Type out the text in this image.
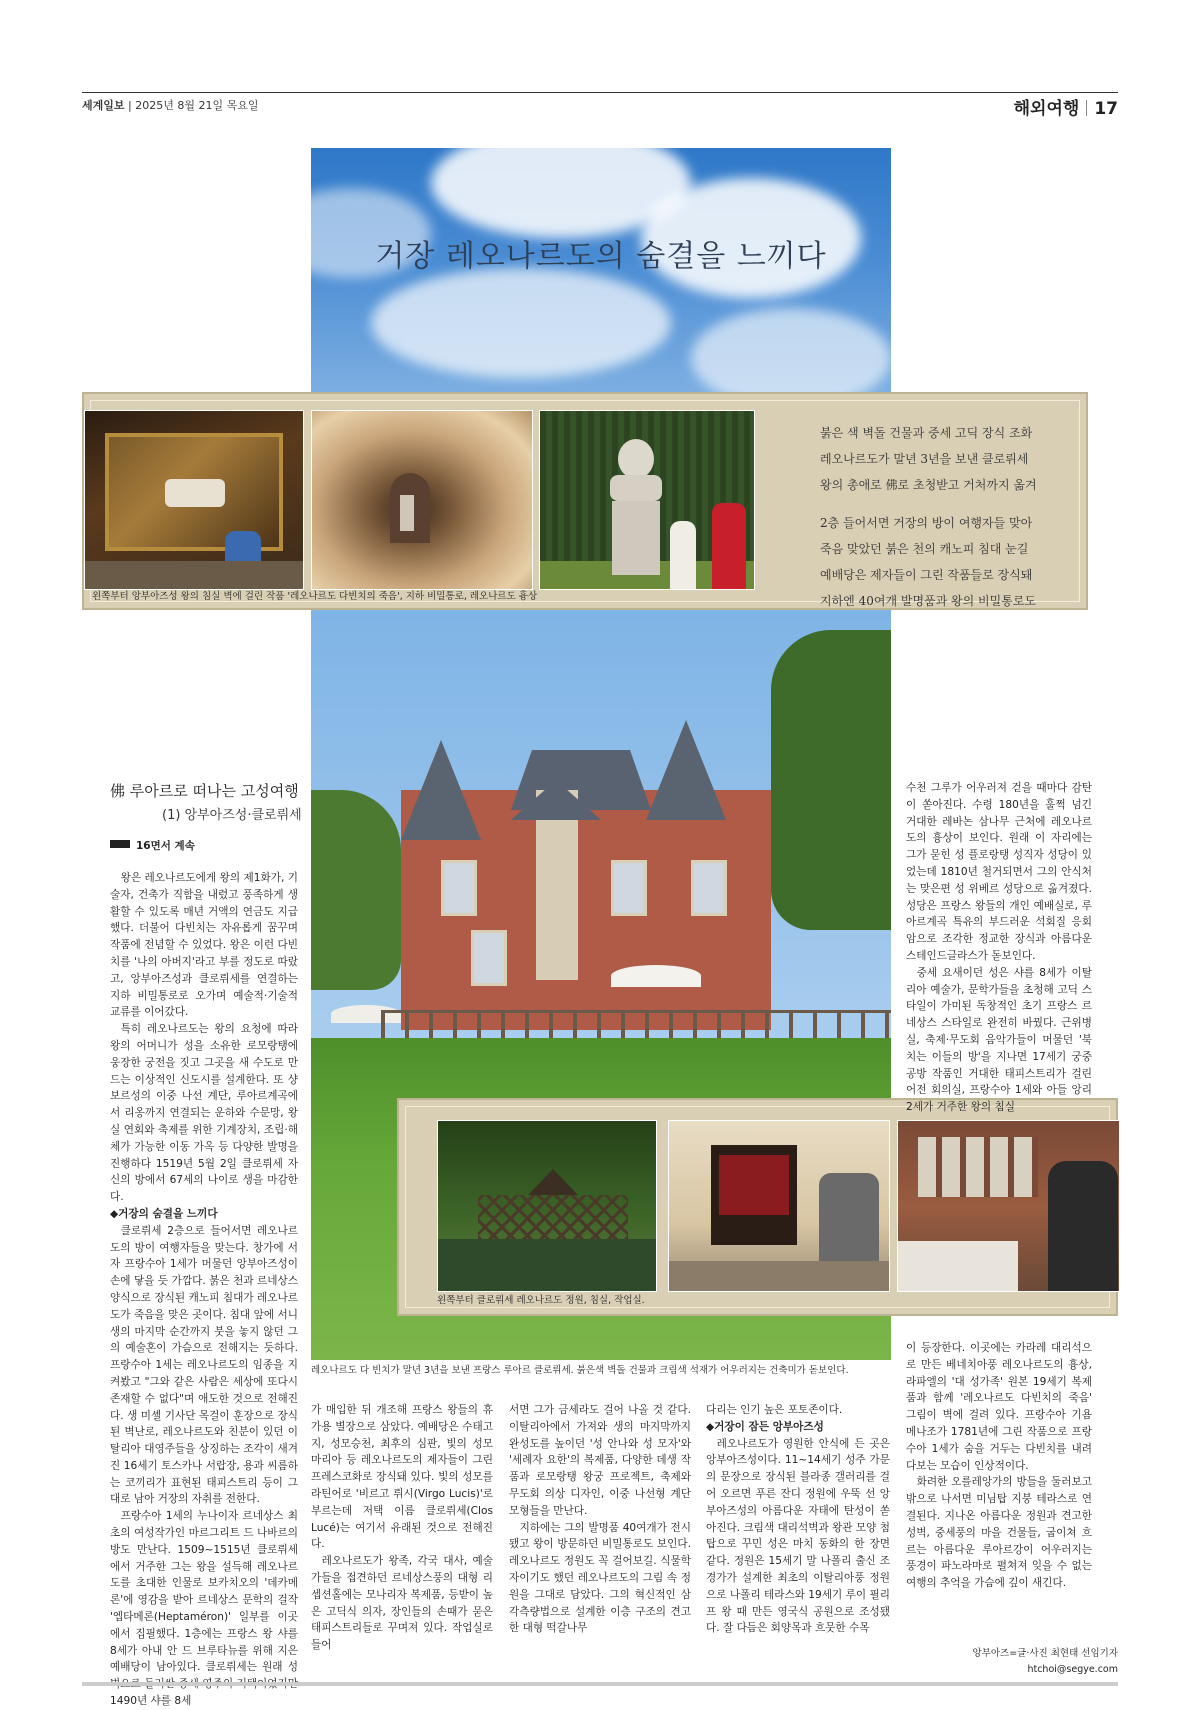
세계일보 | 2025년 8월 21일 목요일	해외여행 17
거장 레오나르도의 숨결을 느끼다
왼쪽부터 앙부아즈성 왕의 침실 벽에 걸린 작품 '레오나르도 다빈치의 죽음', 지하 비밀통로, 레오나르도 흉상

붉은 색 벽돌 건물과 중세 고딕 장식 조화
레오나르도가 말년 3년을 보낸 클로뤼세
왕의 총애로 佛로 초청받고 거처까지 옮겨

2층 들어서면 거장의 방이 여행자들 맞아
죽음 맞았던 붉은 천의 캐노피 침대 눈길
예배당은 제자들이 그린 작품들로 장식돼
지하엔 40여개 발명품과 왕의 비밀통로도

레오나르도 다 빈치가 말년 3년을 보낸 프랑스 루아르 클로뤼세. 붉은색 벽돌 건물과 크림색 석재가 어우러지는 건축미가 돋보인다.
왼쪽부터 클로뤼세 레오나르도 정원, 침실, 작업실.
佛 루아르로 떠나는 고성여행
(1) 앙부아즈성·클로뤼세
16면서 계속

왕은 레오나르도에게 왕의 제1화가, 기술자, 건축가 직함을 내렸고 풍족하게 생활할 수 있도록 매년 거액의 연금도 지급했다. 더불어 다빈치는 자유롭게 꿈꾸며 작품에 전념할 수 있었다. 왕은 이런 다빈치를 '나의 아버지'라고 부를 정도로 따랐고, 앙부아즈성과 클로뤼세를 연결하는 지하 비밀통로로 오가며 예술적·기술적 교류를 이어갔다.

특히 레오나르도는 왕의 요청에 따라 왕의 어머니가 성을 소유한 로모랑탱에 웅장한 궁전을 짓고 그곳을 새 수도로 만드는 이상적인 신도시를 설계한다. 또 샹보르성의 이중 나선 계단, 루아르계곡에서 리옹까지 연결되는 운하와 수문망, 왕실 연회와 축제를 위한 기계장치, 조립·해체가 가능한 이동 가옥 등 다양한 발명을 진행하다 1519년 5월 2일 클로뤼세 자신의 방에서 67세의 나이로 생을 마감한다.

◆거장의 숨결을 느끼다

클로뤼세 2층으로 들어서면 레오나르도의 방이 여행자들을 맞는다. 창가에 서자 프랑수아 1세가 머물던 앙부아즈성이 손에 닿을 듯 가깝다. 붉은 천과 르네상스 양식으로 장식된 캐노피 침대가 레오나르도가 죽음을 맞은 곳이다. 침대 앞에 서니 생의 마지막 순간까지 붓을 놓지 않던 그의 예술혼이 가슴으로 전해지는 듯하다. 프랑수아 1세는 레오나르도의 임종을 지켜봤고 "그와 같은 사람은 세상에 또다시 존재할 수 없다"며 애도한 것으로 전해진다. 생 미셸 기사단 목걸이 훈장으로 장식된 벽난로, 레오나르도와 친분이 있던 이탈리아 대영주들을 상징하는 조각이 새겨진 16세기 토스카나 서랍장, 용과 씨름하는 코끼리가 표현된 태피스트리 등이 그대로 남아 거장의 자취를 전한다.

프랑수아 1세의 누나이자 르네상스 최초의 여성작가인 마르그리트 드 나바르의 방도 만난다. 1509~1515년 클로뤼세에서 거주한 그는 왕을 설득해 레오나르도를 초대한 인물로 보카치오의 '데카메론'에 영감을 받아 르네상스 문학의 걸작 '엡타메론(Heptaméron)' 일부를 이곳에서 집필했다. 1층에는 프랑스 왕 샤를 8세가 아내 안 드 브루타뉴를 위해 지은 예배당이 남아있다. 클로뤼세는 원래 성 1490년 샤를 8세

가 매입한 뒤 개조해 프랑스 왕들의 휴가용 별장으로 삼았다. 예배당은 수태고지, 성모승천, 최후의 심판, 빛의 성모 마리아 등 레오나르도의 제자들이 그린 프레스코화로 장식돼 있다. 빛의 성모를 라틴어로 '비르고 뤼시(Virgo Lucis)'로 부르는데 저택 이름 클로뤼세(Clos Lucé)는 여기서 유래된 것으로 전해진다.

레오나르도가 왕족, 각국 대사, 예술가들을 접견하던 르네상스풍의 대형 리셉션홀에는 모나리자 복제품, 등받이 높은 고딕식 의자, 장인들의 손때가 묻은 태피스트리들로 꾸며져 있다. 작업실로 들어

서면 그가 금세라도 걸어 나올 것 같다. 이탈리아에서 가져와 생의 마지막까지 완성도를 높이던 '성 안나와 성 모자'와 '세례자 요한'의 복제품, 다양한 데생 작품과 로모랑탱 왕궁 프로젝트, 축제와 무도회 의상 디자인, 이중 나선형 계단 모형들을 만난다.

지하에는 그의 발명품 40여개가 전시됐고 왕이 방문하던 비밀통로도 보인다. 레오나르도 정원도 꼭 걸어보길. 식물학자이기도 했던 레오나르도의 그림 속 정원을 그대로 담았다. 그의 혁신적인 삼각측량법으로 설계한 이층 구조의 견고한 대형 떡갈나무

다리는 인기 높은 포토존이다.

◆거장이 잠든 앙부아즈성

레오나르도가 영원한 안식에 든 곳은 앙부아즈성이다. 11~14세기 성주 가문의 문장으로 장식된 블라종 갤러리를 걸어 오르면 푸른 잔디 정원에 우뚝 선 앙부아즈성의 아름다운 자태에 탄성이 쏟아진다. 크림색 대리석벽과 왕관 모양 첨탑으로 꾸민 성은 마치 동화의 한 장면 같다. 정원은 15세기 말 나폴리 출신 조경가가 설계한 최초의 이탈리아풍 정원으로 나폴리 테라스와 19세기 루이 필리프 왕 때 만든 영국식 공원으로 조성됐다. 잘 다듬은 회양목과 흐뭇한 수목

수천 그루가 어우러져 걷을 때마다 감탄이 쏟아진다. 수령 180년을 훌쩍 넘긴 거대한 레바논 삼나무 근처에 레오나르도의 흉상이 보인다. 원래 이 자리에는 그가 묻힌 성 플로랑탱 성직자 성당이 있었는데 1810년 철거되면서 그의 안식처는 맞은편 성 위베르 성당으로 옮겨졌다. 성당은 프랑스 왕들의 개인 예배실로, 루아르계곡 특유의 부드러운 석회질 응회암으로 조각한 정교한 장식과 아름다운 스테인드글라스가 돋보인다.

중세 요새이던 성은 샤를 8세가 이탈리아 예술가, 문학가들을 초청해 고딕 스타일이 가미된 독창적인 초기 프랑스 르네상스 스타일로 완전히 바꿨다. 근위병실, 축제·무도회 음악가들이 머물던 '북 치는 이들의 방'을 지나면 17세기 궁중 공방 작품인 거대한 태피스트리가 걸린 어전 회의실, 프랑수아 1세와 아들 앙리 2세가 거주한 왕의 침실

이 등장한다. 이곳에는 카라레 대리석으로 만든 베네치아풍 레오나르도의 흉상, 라파엘의 '대 성가족' 원본 19세기 복제품과 함께 '레오나르도 다빈치의 죽음' 그림이 벽에 걸려 있다. 프랑수아 기욤 메나조가 1781년에 그린 작품으로 프랑수아 1세가 숨을 거두는 다빈치를 내려다보는 모습이 인상적이다.

화려한 오를레앙가의 방들을 둘러보고 밖으로 나서면 미님탑 지붕 테라스로 연결된다. 지나온 아름다운 정원과 견고한 성벽, 중세풍의 마을 건물들, 굽이쳐 흐르는 아름다운 루아르강이 어우러지는 풍경이 파노라마로 펼쳐져 잊을 수 없는 여행의 추억을 가슴에 깊이 새긴다.

앙부아즈=글·사진 최현태 선임기자
htchoi@segye.com
